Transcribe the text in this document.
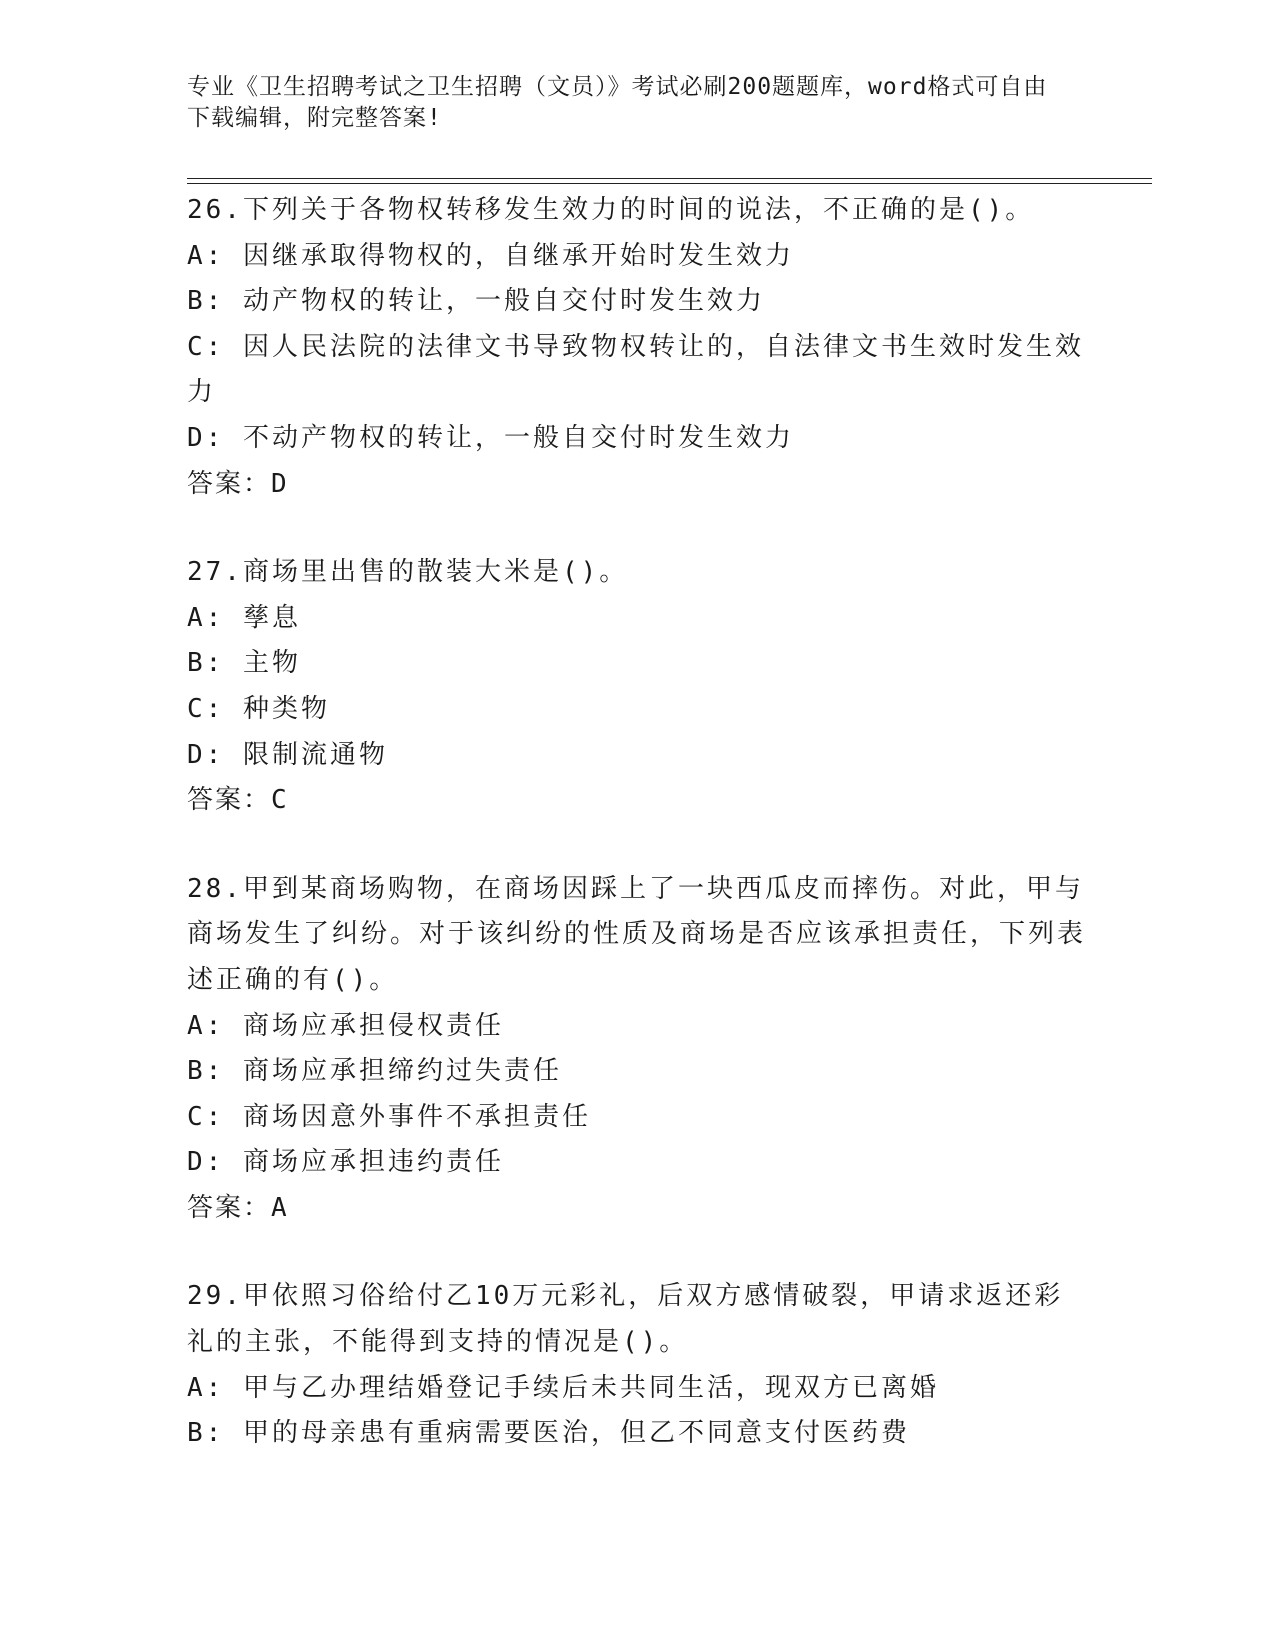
专业《卫生招聘考试之卫生招聘（文员）》考试必刷200题题库，word格式可自由下载编辑，附完整答案!
26.下列关于各物权转移发生效力的时间的说法，不正确的是()。
A: 因继承取得物权的，自继承开始时发生效力
B: 动产物权的转让，一般自交付时发生效力
C: 因人民法院的法律文书导致物权转让的，自法律文书生效时发生效力
D: 不动产物权的转让，一般自交付时发生效力
答案：D
27.商场里出售的散装大米是()。
A: 孳息
B: 主物
C: 种类物
D: 限制流通物
答案：C
28.甲到某商场购物，在商场因踩上了一块西瓜皮而摔伤。对此，甲与商场发生了纠纷。对于该纠纷的性质及商场是否应该承担责任，下列表述正确的有()。
A: 商场应承担侵权责任
B: 商场应承担缔约过失责任
C: 商场因意外事件不承担责任
D: 商场应承担违约责任
答案：A
29.甲依照习俗给付乙10万元彩礼，后双方感情破裂，甲请求返还彩礼的主张，不能得到支持的情况是()。
A: 甲与乙办理结婚登记手续后未共同生活，现双方已离婚
B: 甲的母亲患有重病需要医治，但乙不同意支付医药费
